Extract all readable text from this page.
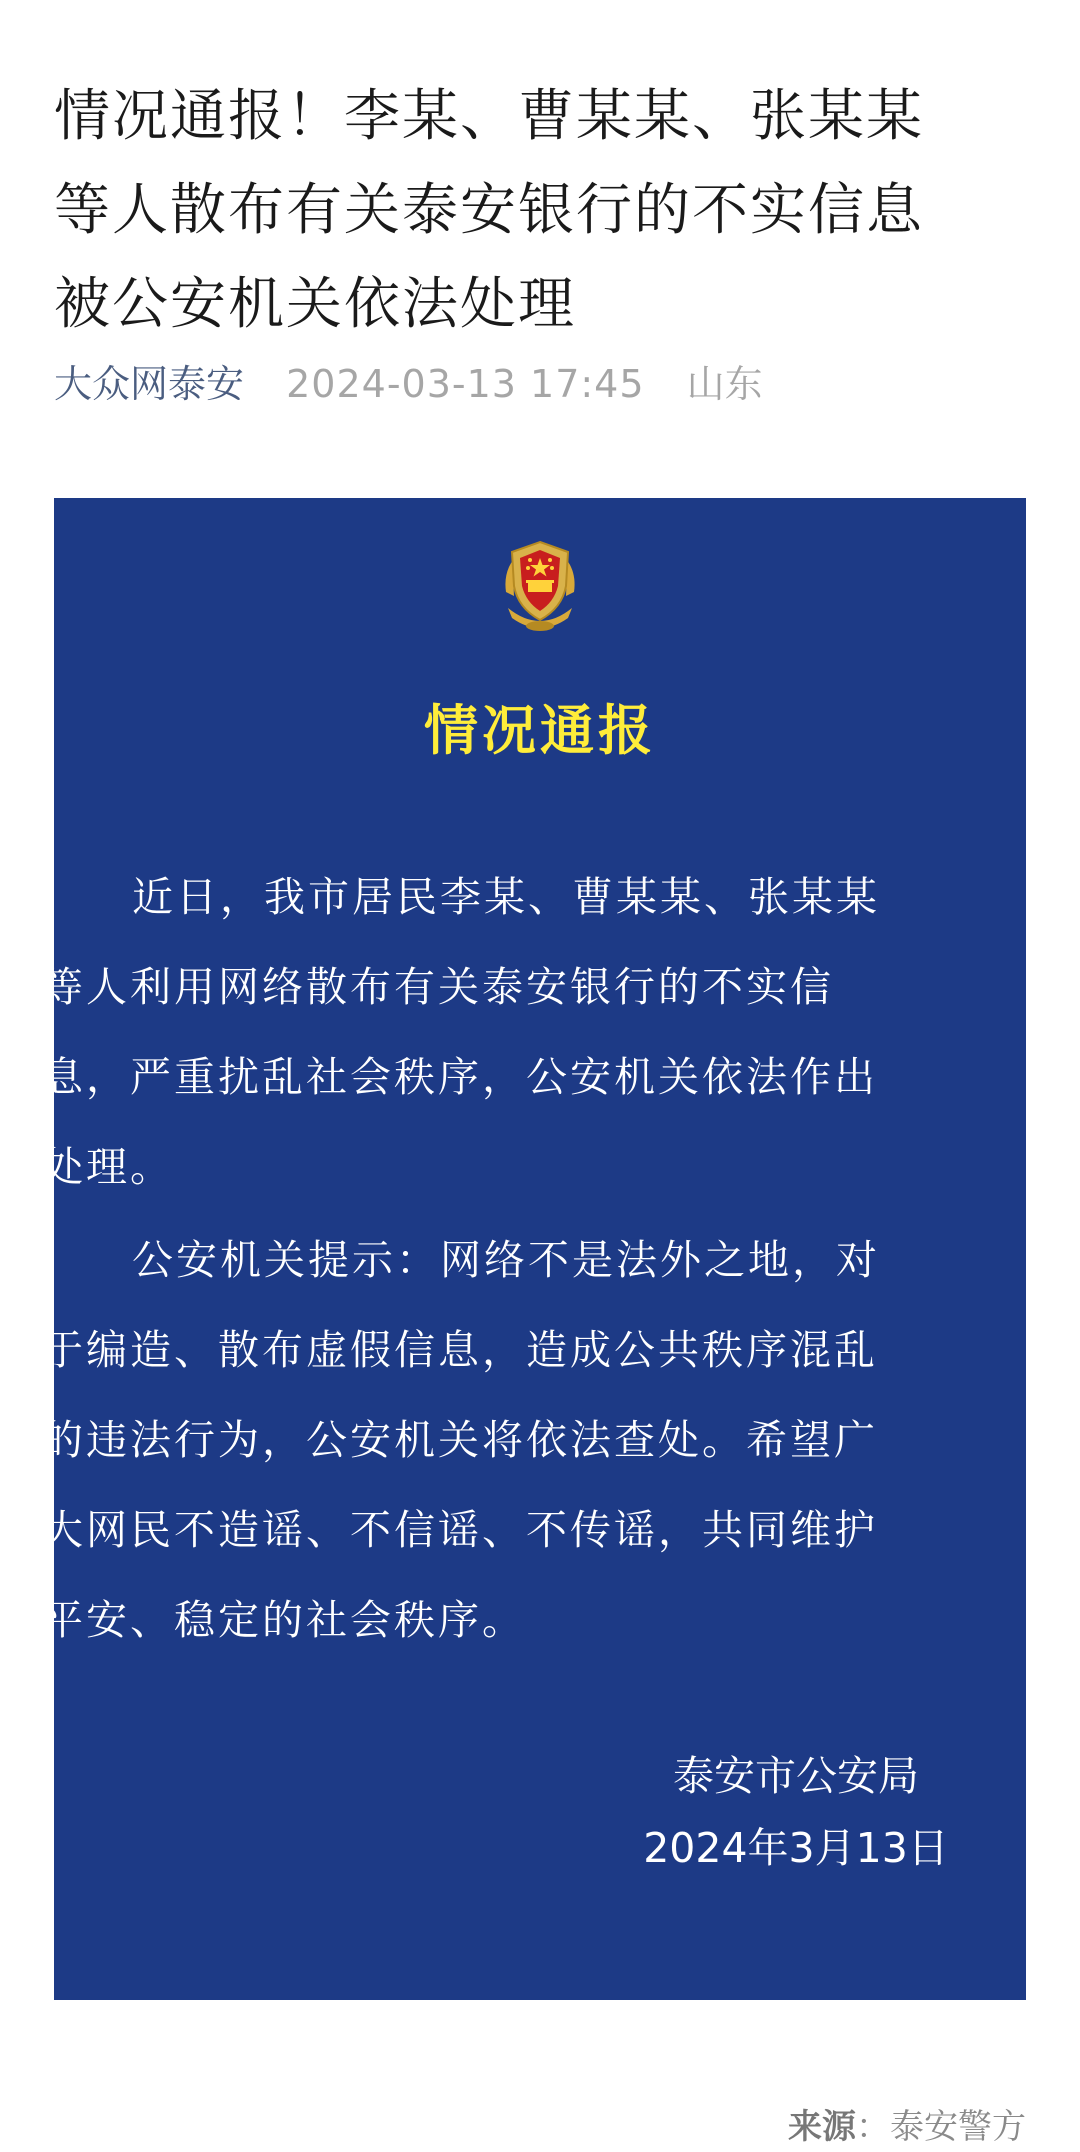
情况通报！李某、曹某某、张某某
等人散布有关泰安银行的不实信息
被公安机关依法处理
大众网泰安 2024-03-13 17:45 山东
情况通报
近日，我市居民李某、曹某某、张某某
等人利用网络散布有关泰安银行的不实信
息，严重扰乱社会秩序，公安机关依法作出
处理。
公安机关提示：网络不是法外之地，对
于编造、散布虚假信息，造成公共秩序混乱
的违法行为，公安机关将依法查处。希望广
大网民不造谣、不信谣、不传谣，共同维护
平安、稳定的社会秩序。
泰安市公安局
2024年3月13日
来源：泰安警方
